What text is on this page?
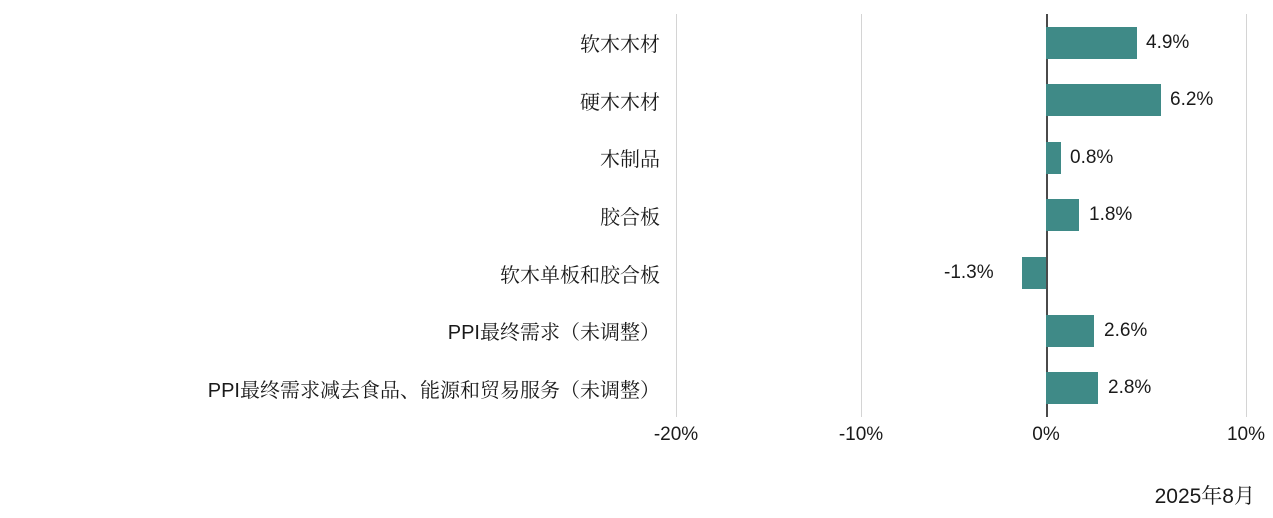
软木木材
硬木木材
木制品
胶合板
软木单板和胶合板
PPI最终需求（未调整）
PPI最终需求减去食品、能源和贸易服务（未调整）
4.9%
6.2%
0.8%
1.8%
-1.3%
2.6%
2.8%
-20%	-10%	0%	10%
2025年8月
